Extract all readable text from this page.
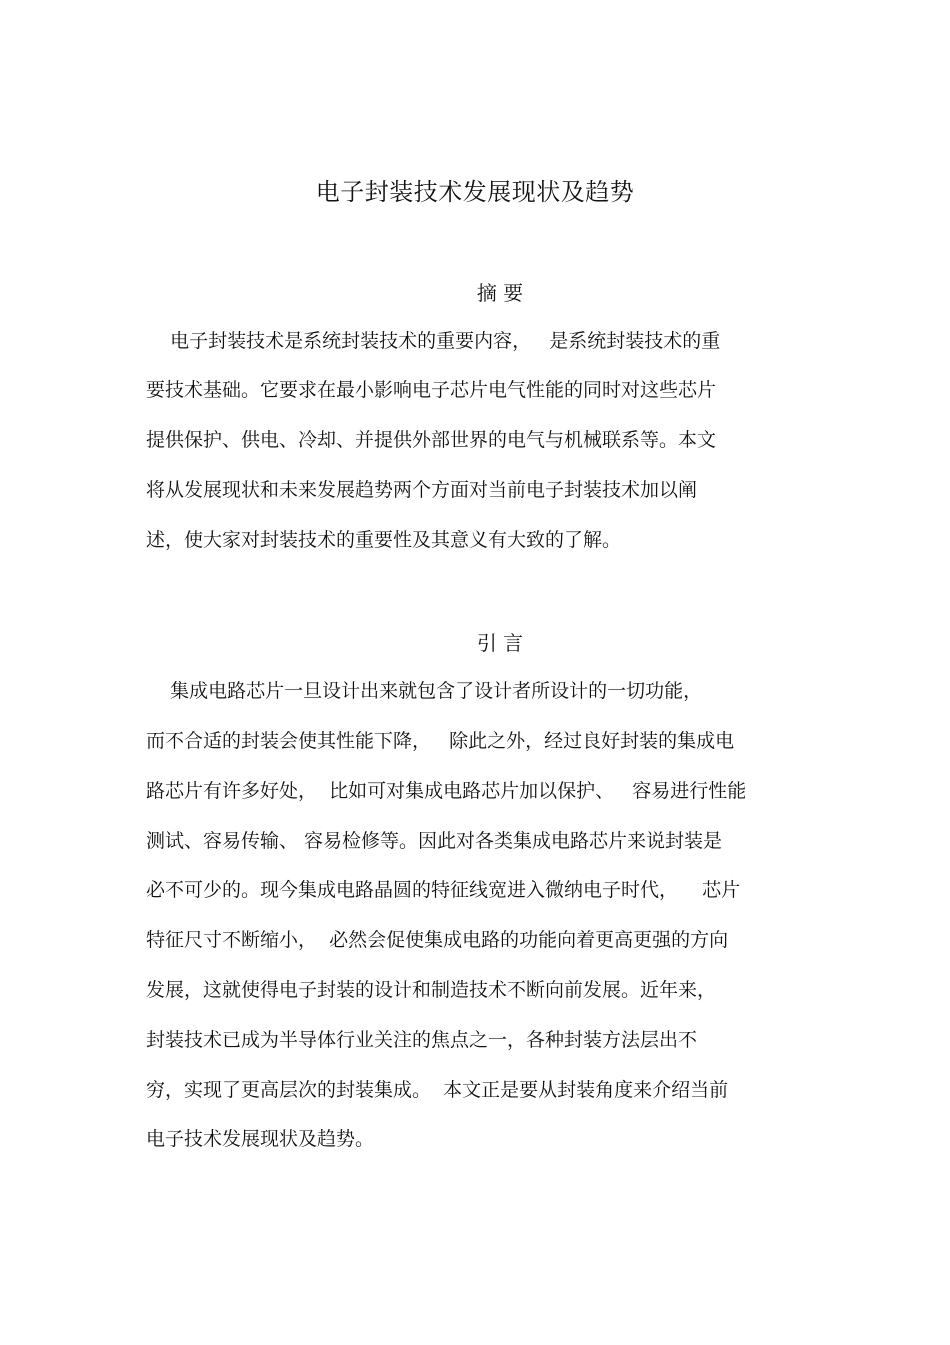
电子封装技术发展现状及趋势
摘 要

电子封装技术是系统封装技术的重要内容，   是系统封装技术的重

要技术基础。它要求在最小影响电子芯片电气性能的同时对这些芯片

提供保护、供电、冷却、并提供外部世界的电气与机械联系等。本文

将从发展现状和未来发展趋势两个方面对当前电子封装技术加以阐

述，使大家对封装技术的重要性及其意义有大致的了解。

引 言

集成电路芯片一旦设计出来就包含了设计者所设计的一切功能，

而不合适的封装会使其性能下降，   除此之外，经过良好封装的集成电

路芯片有许多好处，  比如可对集成电路芯片加以保护、   容易进行性能

测试、容易传输、 容易检修等。因此对各类集成电路芯片来说封装是

必不可少的。现今集成电路晶圆的特征线宽进入微纳电子时代，    芯片

特征尺寸不断缩小，  必然会促使集成电路的功能向着更高更强的方向

发展，这就使得电子封装的设计和制造技术不断向前发展。近年来，

封装技术已成为半导体行业关注的焦点之一，各种封装方法层出不

穷，实现了更高层次的封装集成。  本文正是要从封装角度来介绍当前

电子技术发展现状及趋势。
